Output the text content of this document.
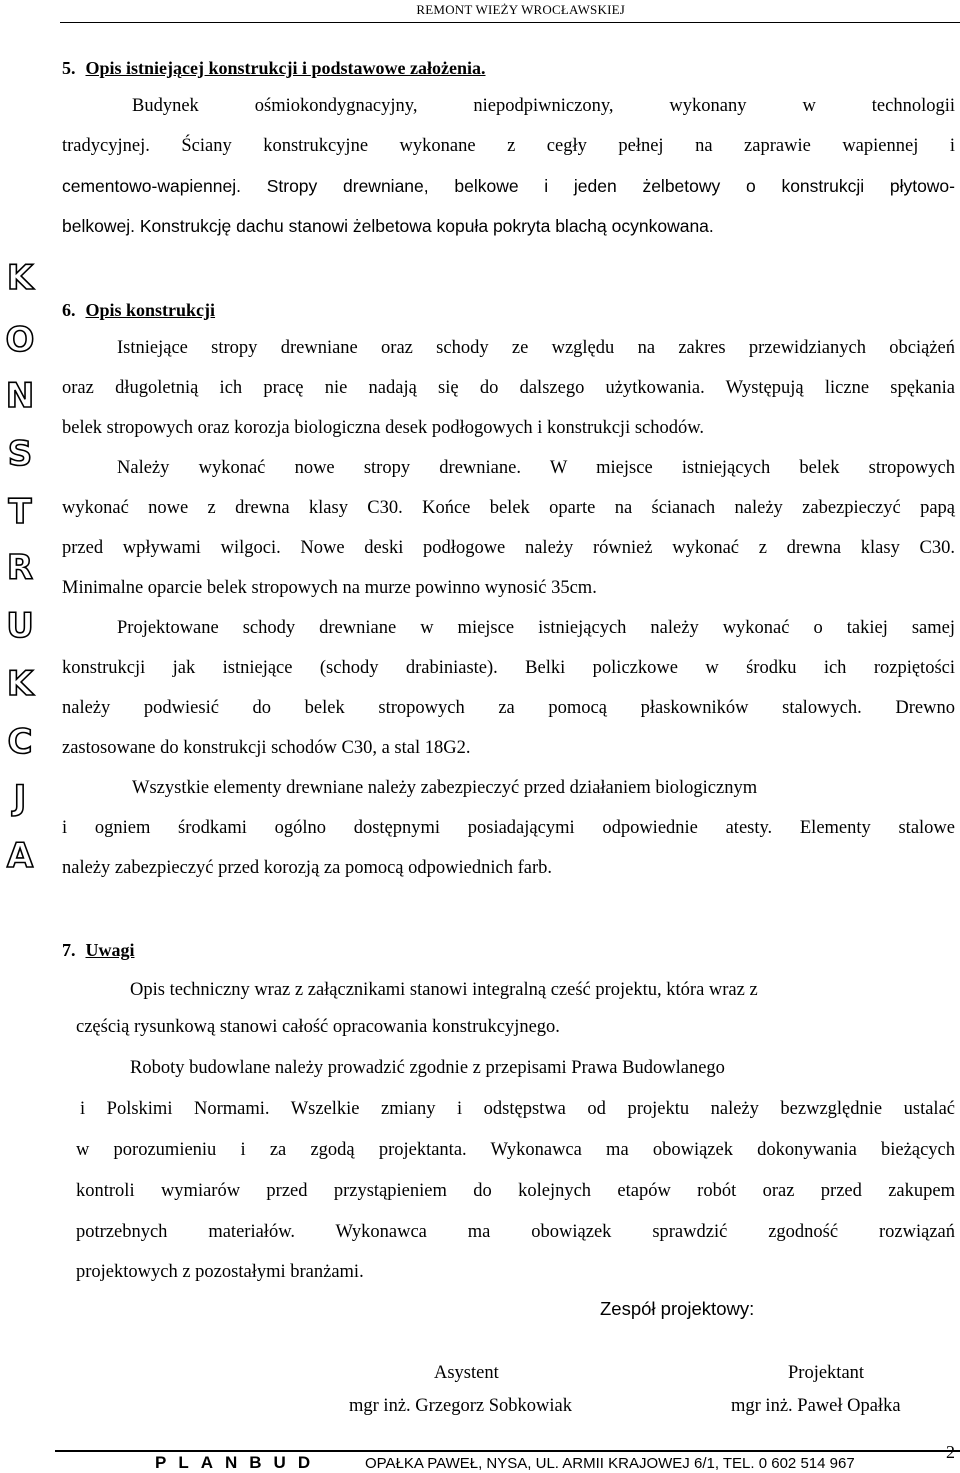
REMONT WIEŻY WROCŁAWSKIEJ
K
O
N
S
T
R
U
K
C
J
A
5. Opis istniejącej konstrukcji i podstawowe założenia.
Budynek ośmiokondygnacyjny, niepodpiwniczony, wykonany w technologii
tradycyjnej. Ściany konstrukcyjne wykonane z cegły pełnej na zaprawie wapiennej i
cementowo-wapiennej. Stropy drewniane, belkowe i jeden żelbetowy o konstrukcji płytowo-
belkowej. Konstrukcję dachu stanowi żelbetowa kopuła pokryta blachą ocynkowana.
6. Opis konstrukcji
Istniejące stropy drewniane oraz schody ze względu na zakres przewidzianych obciążeń
oraz długoletnią ich pracę nie nadają się do dalszego użytkowania. Występują liczne spękania
belek stropowych oraz korozja biologiczna desek podłogowych i konstrukcji schodów.
Należy wykonać nowe stropy drewniane. W miejsce istniejących belek stropowych
wykonać nowe z drewna klasy C30. Końce belek oparte na ścianach należy zabezpieczyć papą
przed wpływami wilgoci. Nowe deski podłogowe należy również wykonać z drewna klasy C30.
Minimalne oparcie belek stropowych na murze powinno wynosić 35cm.
Projektowane schody drewniane w miejsce istniejących należy wykonać o takiej samej
konstrukcji jak istniejące (schody drabiniaste). Belki policzkowe w środku ich rozpiętości
należy podwiesić do belek stropowych za pomocą płaskowników stalowych. Drewno
zastosowane do konstrukcji schodów C30, a stal 18G2.
Wszystkie elementy drewniane należy zabezpieczyć przed działaniem biologicznym
i ogniem środkami ogólno dostępnymi posiadającymi odpowiednie atesty. Elementy stalowe
należy zabezpieczyć przed korozją za pomocą odpowiednich farb.
7. Uwagi
Opis techniczny wraz z załącznikami stanowi integralną cześć projektu, która wraz z
częścią rysunkową stanowi całość opracowania konstrukcyjnego.
Roboty budowlane należy prowadzić zgodnie z przepisami Prawa Budowlanego
i Polskimi Normami. Wszelkie zmiany i odstępstwa od projektu należy bezwzględnie ustalać
w porozumieniu i za zgodą projektanta. Wykonawca ma obowiązek dokonywania bieżących
kontroli wymiarów przed przystąpieniem do kolejnych etapów robót oraz przed zakupem
potrzebnych materiałów. Wykonawca ma obowiązek sprawdzić zgodność rozwiązań
projektowych z pozostałymi branżami.
Zespół projektowy:
Asystent
mgr inż. Grzegorz Sobkowiak
Projektant
mgr inż. Paweł Opałka
PLANBUD	OPAŁKA PAWEŁ, NYSA, UL. ARMII KRAJOWEJ 6/1, TEL. 0 602 514 967
2
